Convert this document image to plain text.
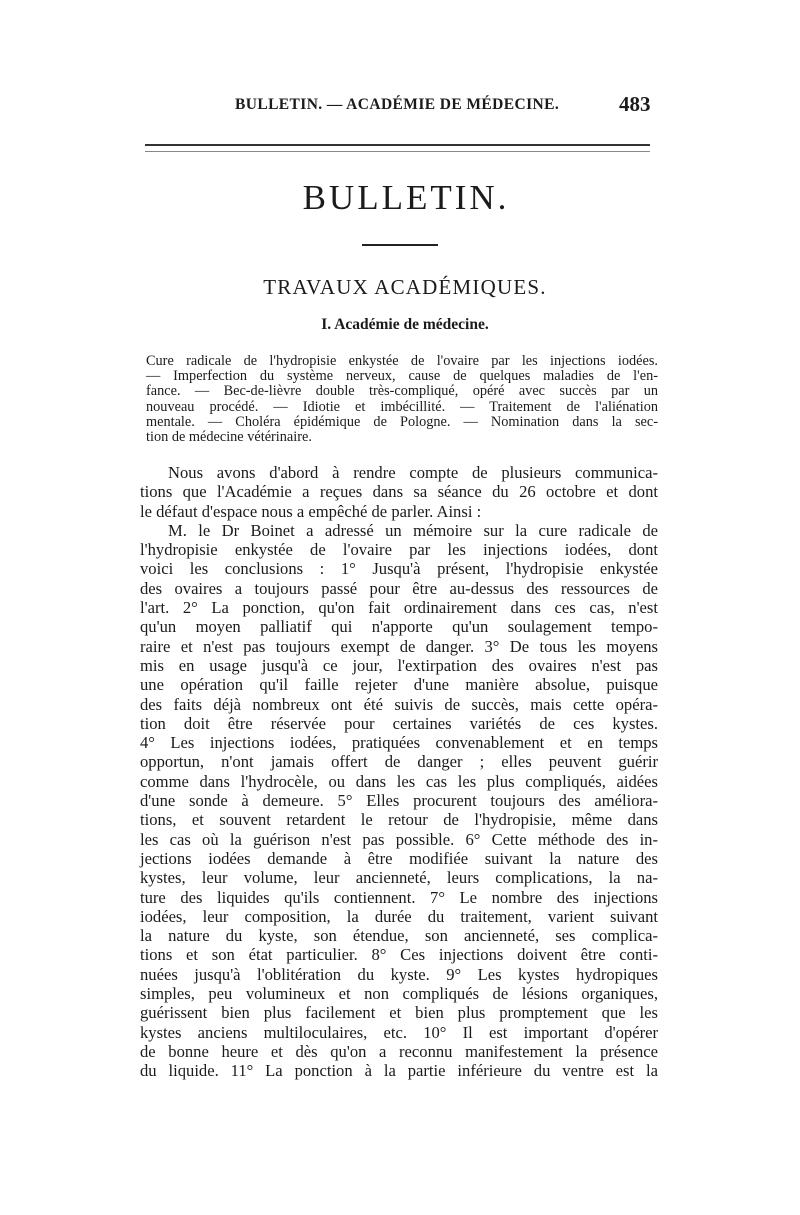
BULLETIN. — ACADÉMIE DE MÉDECINE.	483
BULLETIN.
TRAVAUX ACADÉMIQUES.
I. Académie de médecine.
Cure radicale de l'hydropisie enkystée de l'ovaire par les injections iodées.
— Imperfection du système nerveux, cause de quelques maladies de l'en-
fance. — Bec-de-lièvre double très-compliqué, opéré avec succès par un
nouveau procédé. — Idiotie et imbécillité. — Traitement de l'aliénation
mentale. — Choléra épidémique de Pologne. — Nomination dans la sec-
tion de médecine vétérinaire.
Nous avons d'abord à rendre compte de plusieurs communica-
tions que l'Académie a reçues dans sa séance du 26 octobre et dont
le défaut d'espace nous a empêché de parler. Ainsi :
M. le Dr Boinet a adressé un mémoire sur la cure radicale de
l'hydropisie enkystée de l'ovaire par les injections iodées, dont
voici les conclusions : 1° Jusqu'à présent, l'hydropisie enkystée
des ovaires a toujours passé pour être au-dessus des ressources de
l'art. 2° La ponction, qu'on fait ordinairement dans ces cas, n'est
qu'un moyen palliatif qui n'apporte qu'un soulagement tempo-
raire et n'est pas toujours exempt de danger. 3° De tous les moyens
mis en usage jusqu'à ce jour, l'extirpation des ovaires n'est pas
une opération qu'il faille rejeter d'une manière absolue, puisque
des faits déjà nombreux ont été suivis de succès, mais cette opéra-
tion doit être réservée pour certaines variétés de ces kystes.
4° Les injections iodées, pratiquées convenablement et en temps
opportun, n'ont jamais offert de danger ; elles peuvent guérir
comme dans l'hydrocèle, ou dans les cas les plus compliqués, aidées
d'une sonde à demeure. 5° Elles procurent toujours des améliora-
tions, et souvent retardent le retour de l'hydropisie, même dans
les cas où la guérison n'est pas possible. 6° Cette méthode des in-
jections iodées demande à être modifiée suivant la nature des
kystes, leur volume, leur ancienneté, leurs complications, la na-
ture des liquides qu'ils contiennent. 7° Le nombre des injections
iodées, leur composition, la durée du traitement, varient suivant
la nature du kyste, son étendue, son ancienneté, ses complica-
tions et son état particulier. 8° Ces injections doivent être conti-
nuées jusqu'à l'oblitération du kyste. 9° Les kystes hydropiques
simples, peu volumineux et non compliqués de lésions organiques,
guérissent bien plus facilement et bien plus promptement que les
kystes anciens multiloculaires, etc. 10° Il est important d'opérer
de bonne heure et dès qu'on a reconnu manifestement la présence
du liquide. 11° La ponction à la partie inférieure du ventre est la
